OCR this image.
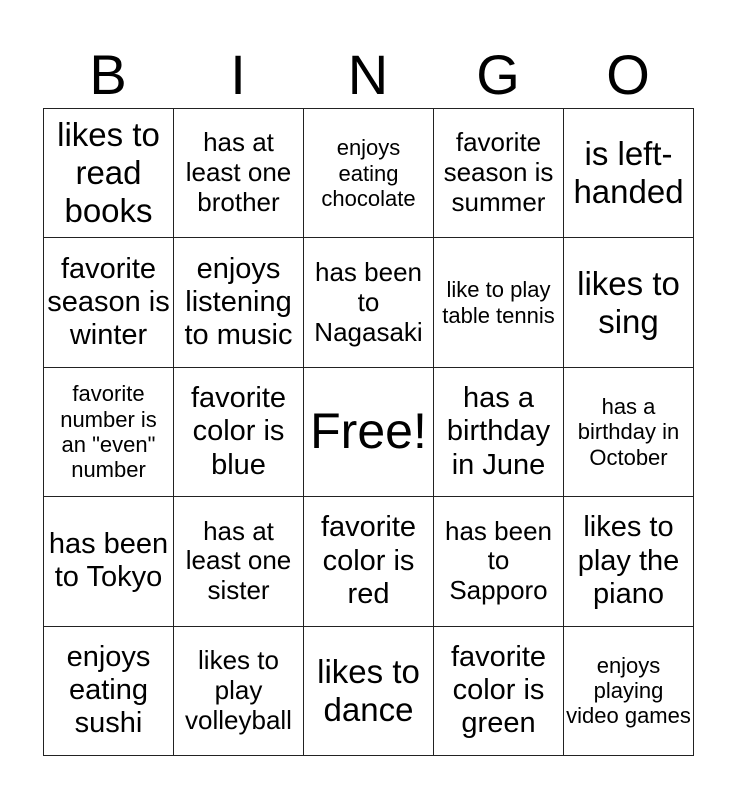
B	I	N	G	O
likes to read books	has at least one brother	enjoys eating chocolate	favorite season is summer	is left-handed
favorite season is winter	enjoys listening to music	has been to Nagasaki	like to play table tennis	likes to sing
favorite number is an "even" number	favorite color is blue	Free!	has a birthday in June	has a birthday in October
has been to Tokyo	has at least one sister	favorite color is red	has been to Sapporo	likes to play the piano
enjoys eating sushi	likes to play volleyball	likes to dance	favorite color is green	enjoys playing video games
